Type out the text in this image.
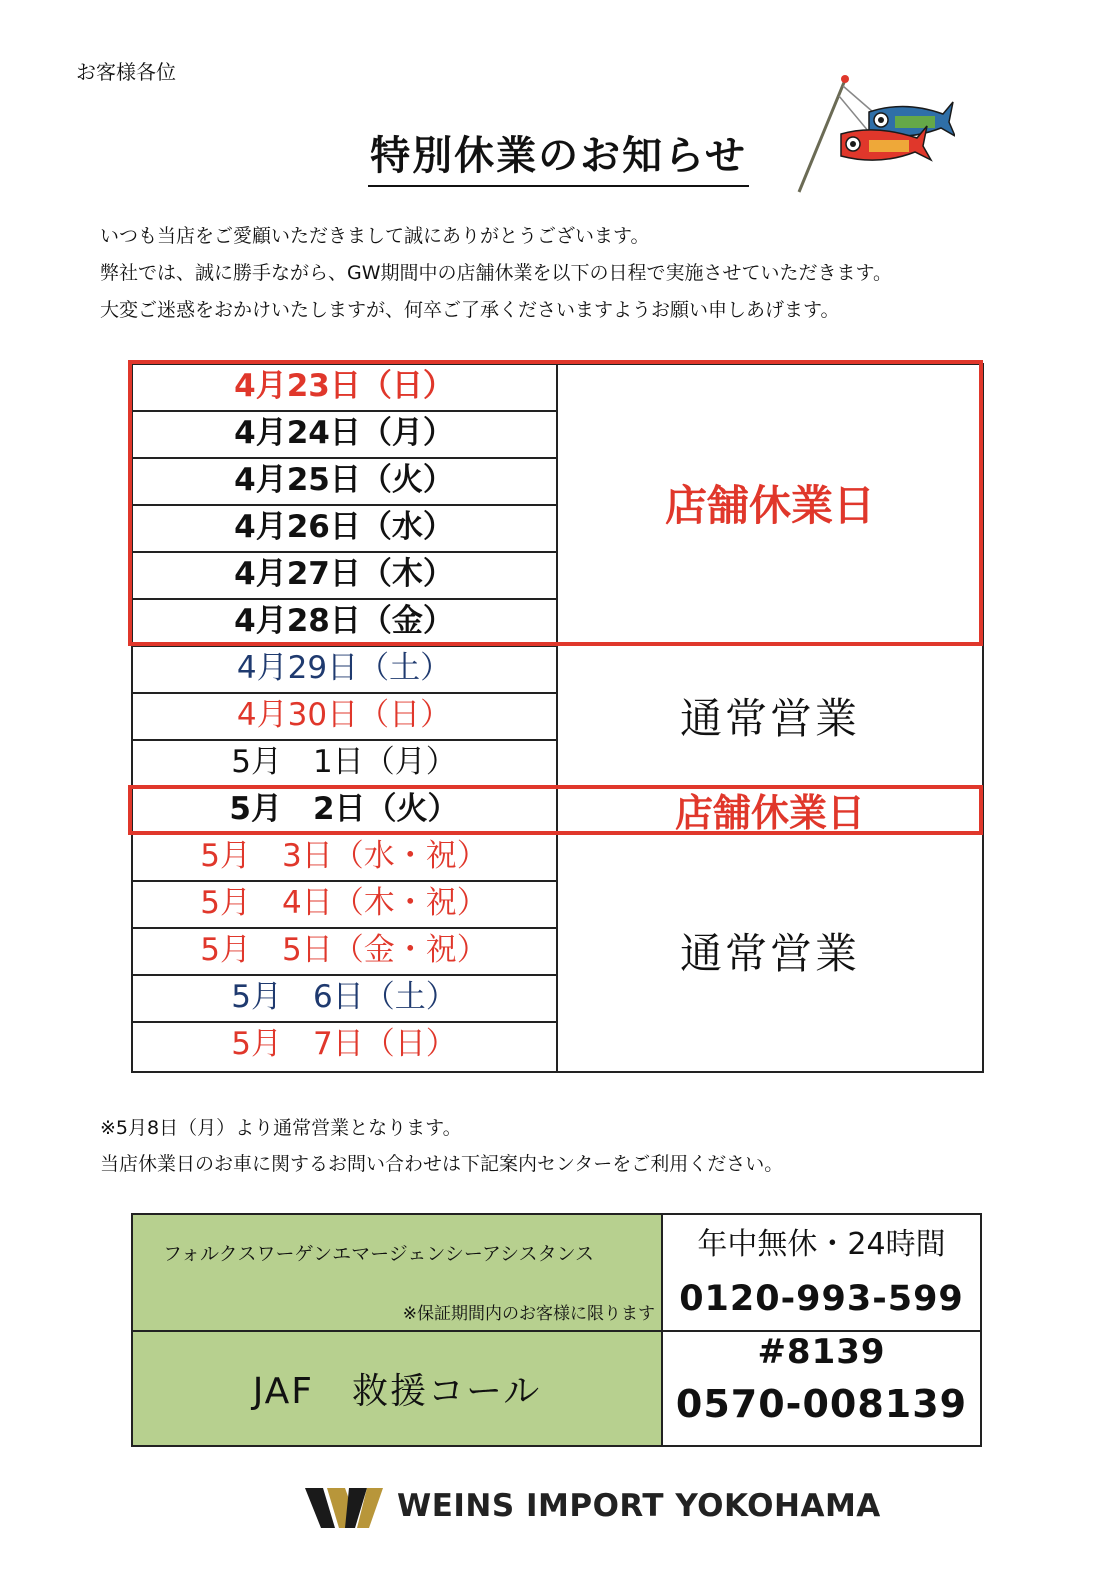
お客様各位
特別休業のお知らせ
いつも当店をご愛顧いただきまして誠にありがとうございます。
弊社では、誠に勝手ながら、GW期間中の店舗休業を以下の日程で実施させていただきます。
大変ご迷惑をおかけいたしますが、何卒ご了承くださいますようお願い申しあげます。
4月23日（日）
4月24日（月）
4月25日（火）
4月26日（水）
4月27日（木）
4月28日（金）
4月29日（土）
4月30日（日）
5月　1日（月）
5月　2日（火）
5月　3日（水・祝）
5月　4日（木・祝）
5月　5日（金・祝）
5月　6日（土）
5月　7日（日）
店舗休業日
通常営業
店舗休業日
通常営業
※5月8日（月）より通常営業となります。
当店休業日のお車に関するお問い合わせは下記案内センターをご利用ください。
フォルクスワーゲンエマージェンシーアシスタンス
※保証期間内のお客様に限ります
年中無休・24時間
0120-993-599
JAF　救援コール
#8139
0570-008139
WEINS IMPORT YOKOHAMA
